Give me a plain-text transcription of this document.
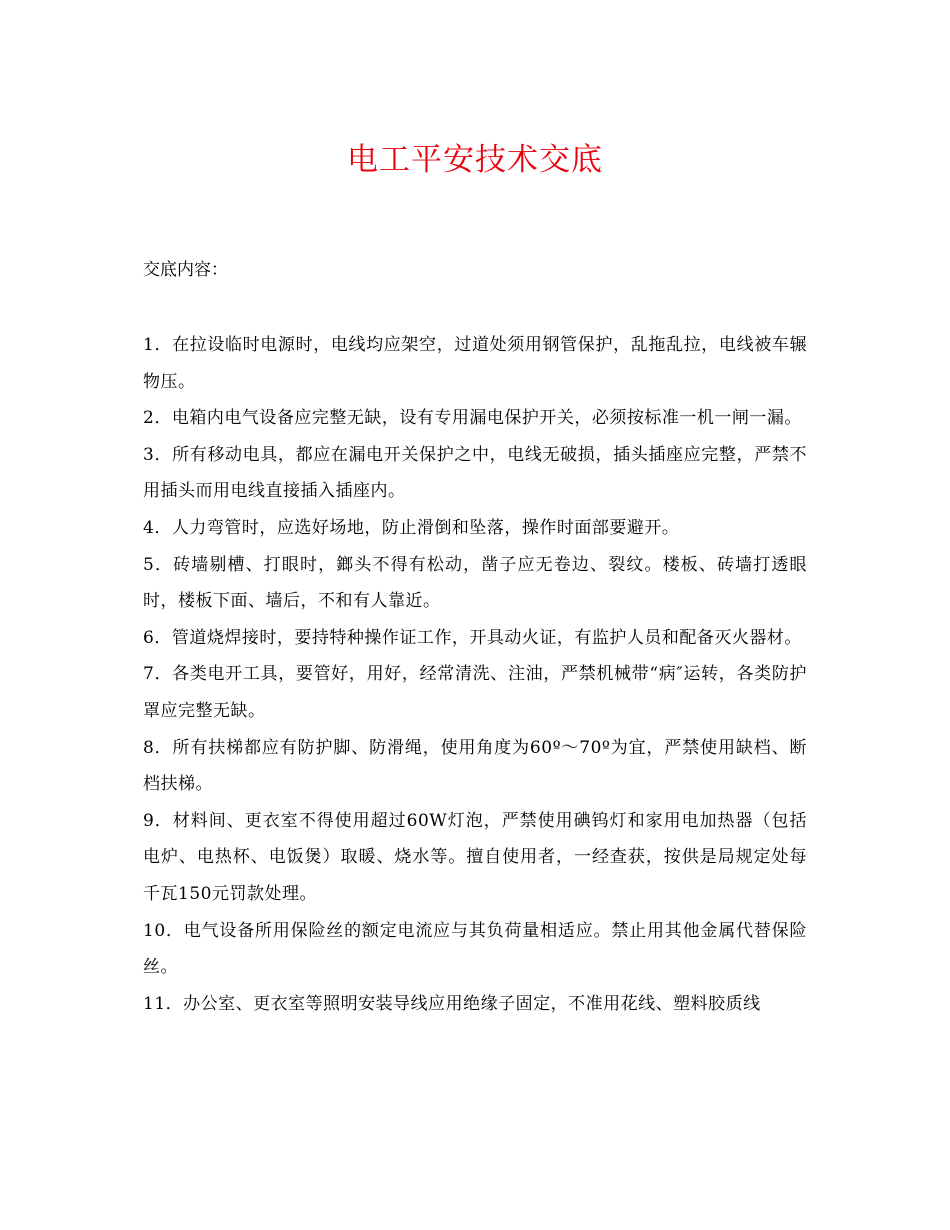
电工平安技术交底
交底内容：
1．在拉设临时电源时，电线均应架空，过道处须用钢管保护，乱拖乱拉，电线被车辗物压。
2．电箱内电气设备应完整无缺，设有专用漏电保护开关，必须按标准一机一闸一漏。
3．所有移动电具，都应在漏电开关保护之中，电线无破损，插头插座应完整，严禁不用插头而用电线直接插入插座内。
4．人力弯管时，应选好场地，防止滑倒和坠落，操作时面部要避开。
5．砖墙剔槽、打眼时，鎯头不得有松动，凿子应无卷边、裂纹。楼板、砖墙打透眼时，楼板下面、墙后，不和有人靠近。
6．管道烧焊接时，要持特种操作证工作，开具动火证，有监护人员和配备灭火器材。
7．各类电开工具，要管好，用好，经常清洗、注油，严禁机械带“病″运转，各类防护罩应完整无缺。
8．所有扶梯都应有防护脚、防滑绳，使用角度为60º～70º为宜，严禁使用缺档、断档扶梯。
9．材料间、更衣室不得使用超过60W灯泡，严禁使用碘钨灯和家用电加热器（包括电炉、电热杯、电饭煲）取暖、烧水等。擅自使用者，一经查获，按供是局规定处每千瓦150元罚款处理。
10．电气设备所用保险丝的额定电流应与其负荷量相适应。禁止用其他金属代替保险丝。
11．办公室、更衣室等照明安装导线应用绝缘子固定，不准用花线、塑料胶质线
